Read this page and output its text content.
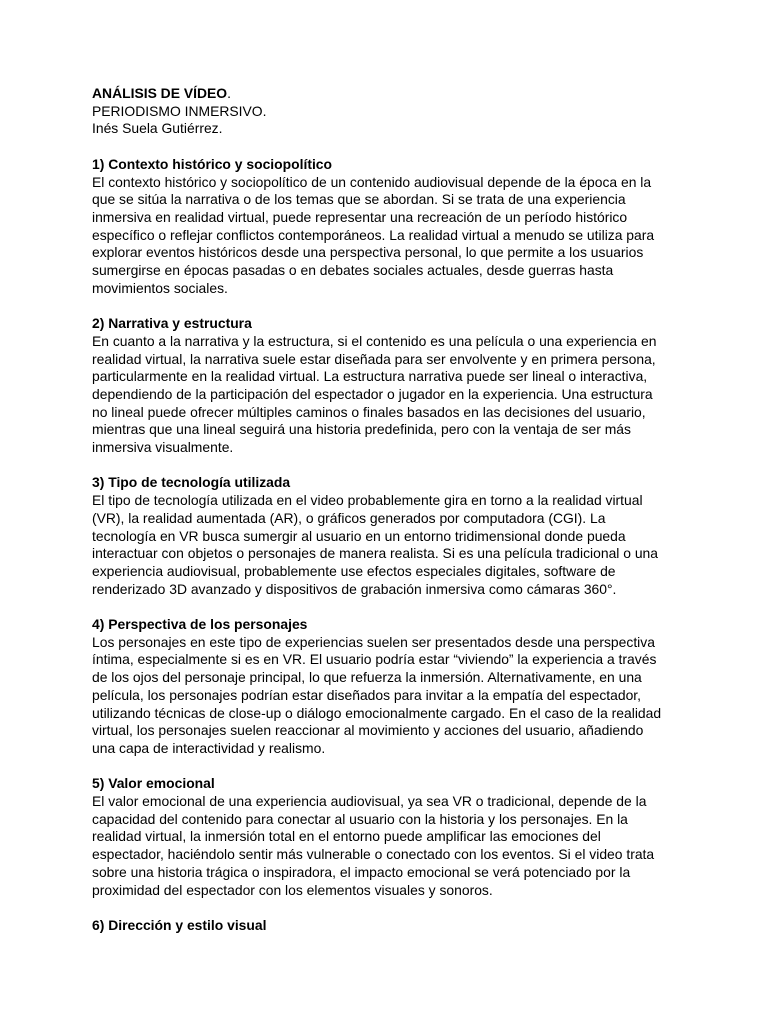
ANÁLISIS DE VÍDEO.
PERIODISMO INMERSIVO.
Inés Suela Gutiérrez.
1) Contexto histórico y sociopolítico
El contexto histórico y sociopolítico de un contenido audiovisual depende de la época en la
que se sitúa la narrativa o de los temas que se abordan. Si se trata de una experiencia
inmersiva en realidad virtual, puede representar una recreación de un período histórico
específico o reflejar conflictos contemporáneos. La realidad virtual a menudo se utiliza para
explorar eventos históricos desde una perspectiva personal, lo que permite a los usuarios
sumergirse en épocas pasadas o en debates sociales actuales, desde guerras hasta
movimientos sociales.
2) Narrativa y estructura
En cuanto a la narrativa y la estructura, si el contenido es una película o una experiencia en
realidad virtual, la narrativa suele estar diseñada para ser envolvente y en primera persona,
particularmente en la realidad virtual. La estructura narrativa puede ser lineal o interactiva,
dependiendo de la participación del espectador o jugador en la experiencia. Una estructura
no lineal puede ofrecer múltiples caminos o finales basados en las decisiones del usuario,
mientras que una lineal seguirá una historia predefinida, pero con la ventaja de ser más
inmersiva visualmente.
3) Tipo de tecnología utilizada
El tipo de tecnología utilizada en el video probablemente gira en torno a la realidad virtual
(VR), la realidad aumentada (AR), o gráficos generados por computadora (CGI). La
tecnología en VR busca sumergir al usuario en un entorno tridimensional donde pueda
interactuar con objetos o personajes de manera realista. Si es una película tradicional o una
experiencia audiovisual, probablemente use efectos especiales digitales, software de
renderizado 3D avanzado y dispositivos de grabación inmersiva como cámaras 360°.
4) Perspectiva de los personajes
Los personajes en este tipo de experiencias suelen ser presentados desde una perspectiva
íntima, especialmente si es en VR. El usuario podría estar “viviendo” la experiencia a través
de los ojos del personaje principal, lo que refuerza la inmersión. Alternativamente, en una
película, los personajes podrían estar diseñados para invitar a la empatía del espectador,
utilizando técnicas de close-up o diálogo emocionalmente cargado. En el caso de la realidad
virtual, los personajes suelen reaccionar al movimiento y acciones del usuario, añadiendo
una capa de interactividad y realismo.
5) Valor emocional
El valor emocional de una experiencia audiovisual, ya sea VR o tradicional, depende de la
capacidad del contenido para conectar al usuario con la historia y los personajes. En la
realidad virtual, la inmersión total en el entorno puede amplificar las emociones del
espectador, haciéndolo sentir más vulnerable o conectado con los eventos. Si el video trata
sobre una historia trágica o inspiradora, el impacto emocional se verá potenciado por la
proximidad del espectador con los elementos visuales y sonoros.
6) Dirección y estilo visual
